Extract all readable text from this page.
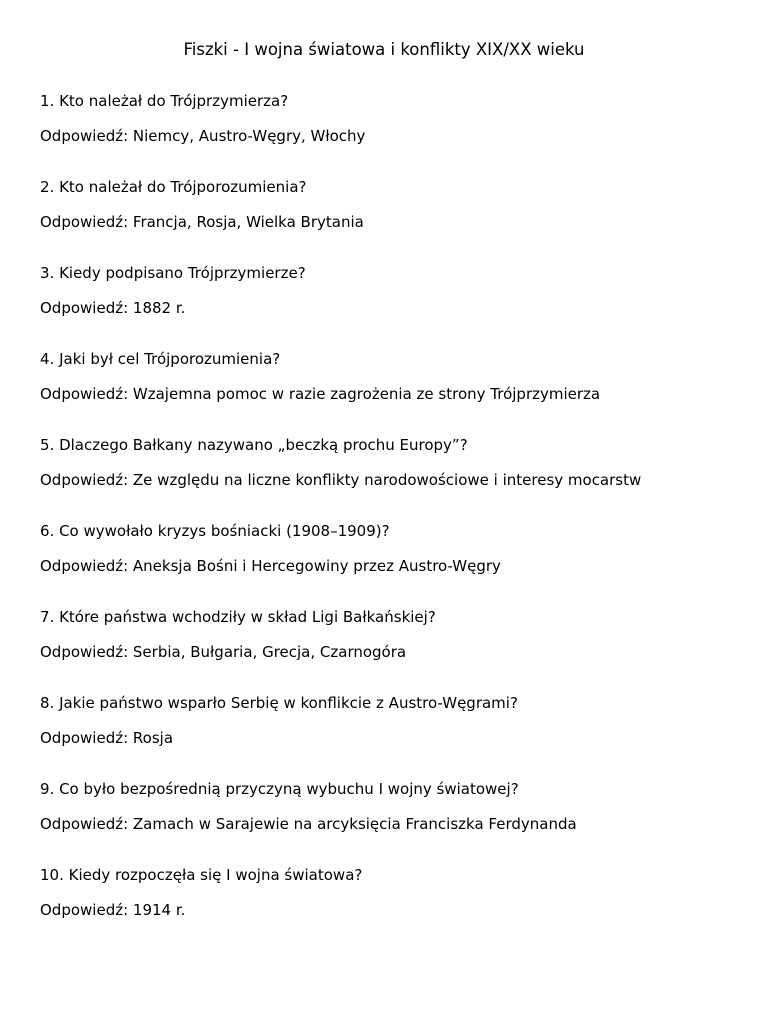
Fiszki - I wojna światowa i konflikty XIX/XX wieku
1. Kto należał do Trójprzymierza?
Odpowiedź: Niemcy, Austro-Węgry, Włochy
2. Kto należał do Trójporozumienia?
Odpowiedź: Francja, Rosja, Wielka Brytania
3. Kiedy podpisano Trójprzymierze?
Odpowiedź: 1882 r.
4. Jaki był cel Trójporozumienia?
Odpowiedź: Wzajemna pomoc w razie zagrożenia ze strony Trójprzymierza
5. Dlaczego Bałkany nazywano „beczką prochu Europy”?
Odpowiedź: Ze względu na liczne konflikty narodowościowe i interesy mocarstw
6. Co wywołało kryzys bośniacki (1908–1909)?
Odpowiedź: Aneksja Bośni i Hercegowiny przez Austro-Węgry
7. Które państwa wchodziły w skład Ligi Bałkańskiej?
Odpowiedź: Serbia, Bułgaria, Grecja, Czarnogóra
8. Jakie państwo wsparło Serbię w konflikcie z Austro-Węgrami?
Odpowiedź: Rosja
9. Co było bezpośrednią przyczyną wybuchu I wojny światowej?
Odpowiedź: Zamach w Sarajewie na arcyksięcia Franciszka Ferdynanda
10. Kiedy rozpoczęła się I wojna światowa?
Odpowiedź: 1914 r.
